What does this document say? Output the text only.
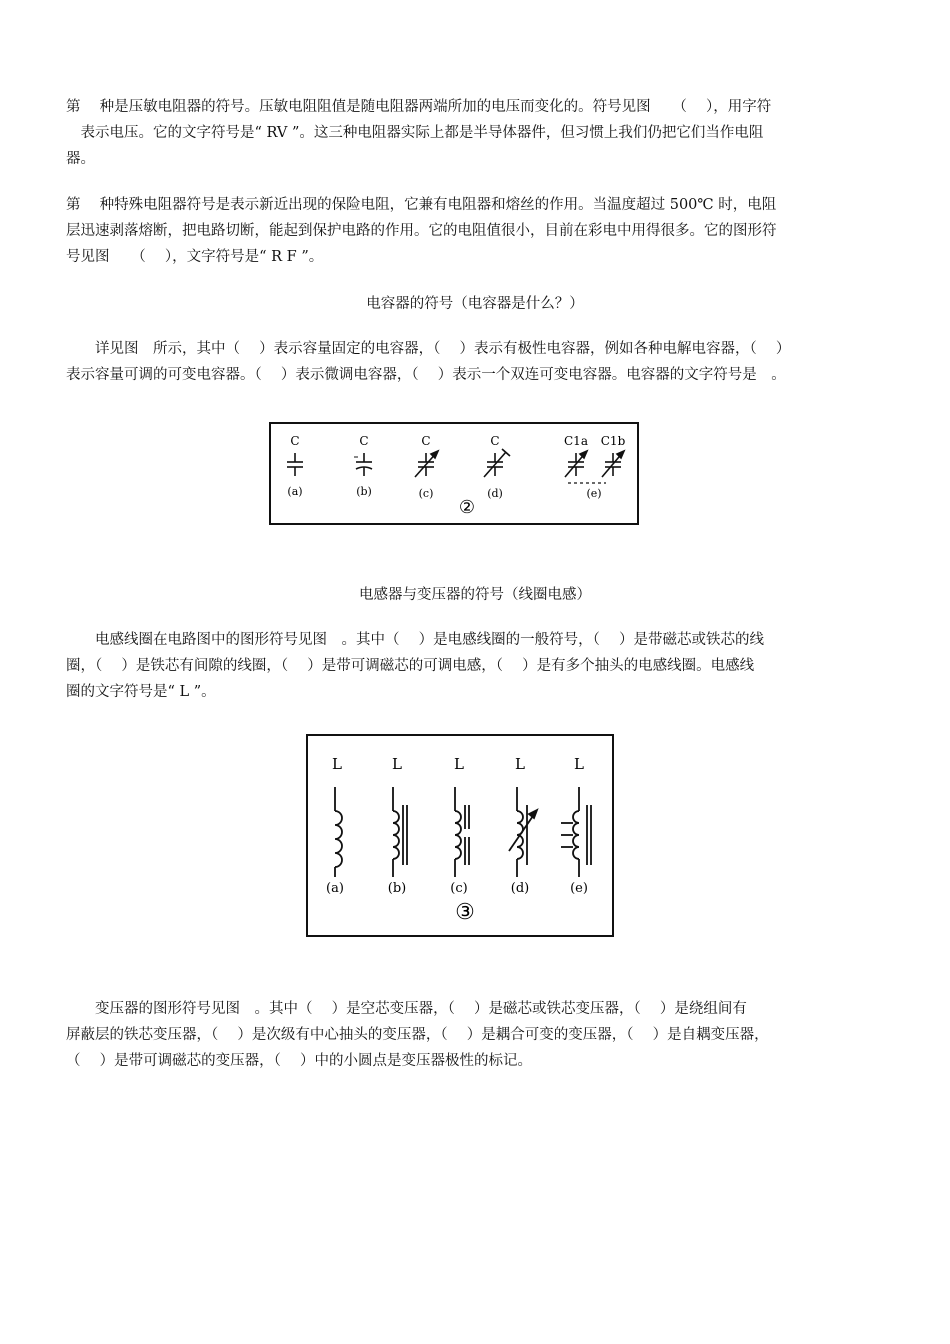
第　 种是压敏电阻器的符号。压敏电阻阻值是随电阻器两端所加的电压而变化的。符号见图　　（　 ），用字符
　表示电压。它的文字符号是“ RV ”。这三种电阻器实际上都是半导体器件，但习惯上我们仍把它们当作电阻
器。
第　 种特殊电阻器符号是表示新近出现的保险电阻，它兼有电阻器和熔丝的作用。当温度超过 500℃ 时，电阻
层迅速剥落熔断，把电路切断，能起到保护电路的作用。它的电阻值很小，目前在彩电中用得很多。它的图形符
号见图　　（　 ），文字符号是“ R F ”。
电容器的符号（电容器是什么？）
　　详见图　所示，其中（　 ）表示容量固定的电容器，（　 ）表示有极性电容器，例如各种电解电容器，（　 ）
表示容量可调的可变电容器。（　 ）表示微调电容器，（　 ）表示一个双连可变电容器。电容器的文字符号是　。
C	C	C	C	C1a C1b
(a)	(b)	(c)	(d)	(e)
②
电感器与变压器的符号（线圈电感）
　　电感线圈在电路图中的图形符号见图　。其中（　 ）是电感线圈的一般符号，（　 ）是带磁芯或铁芯的线
圈，（　 ）是铁芯有间隙的线圈，（　 ）是带可调磁芯的可调电感，（　 ）是有多个抽头的电感线圈。电感线
圈的文字符号是“ L ”。
L	L	L	L	L
(a)	(b)	(c)	(d)	(e)
③
　　变压器的图形符号见图　。其中（　 ）是空芯变压器，（　 ）是磁芯或铁芯变压器，（　 ）是绕组间有
屏蔽层的铁芯变压器，（　 ）是次级有中心抽头的变压器，（　 ）是耦合可变的变压器，（　 ）是自耦变压器，
（　 ）是带可调磁芯的变压器，（　 ）中的小圆点是变压器极性的标记。
